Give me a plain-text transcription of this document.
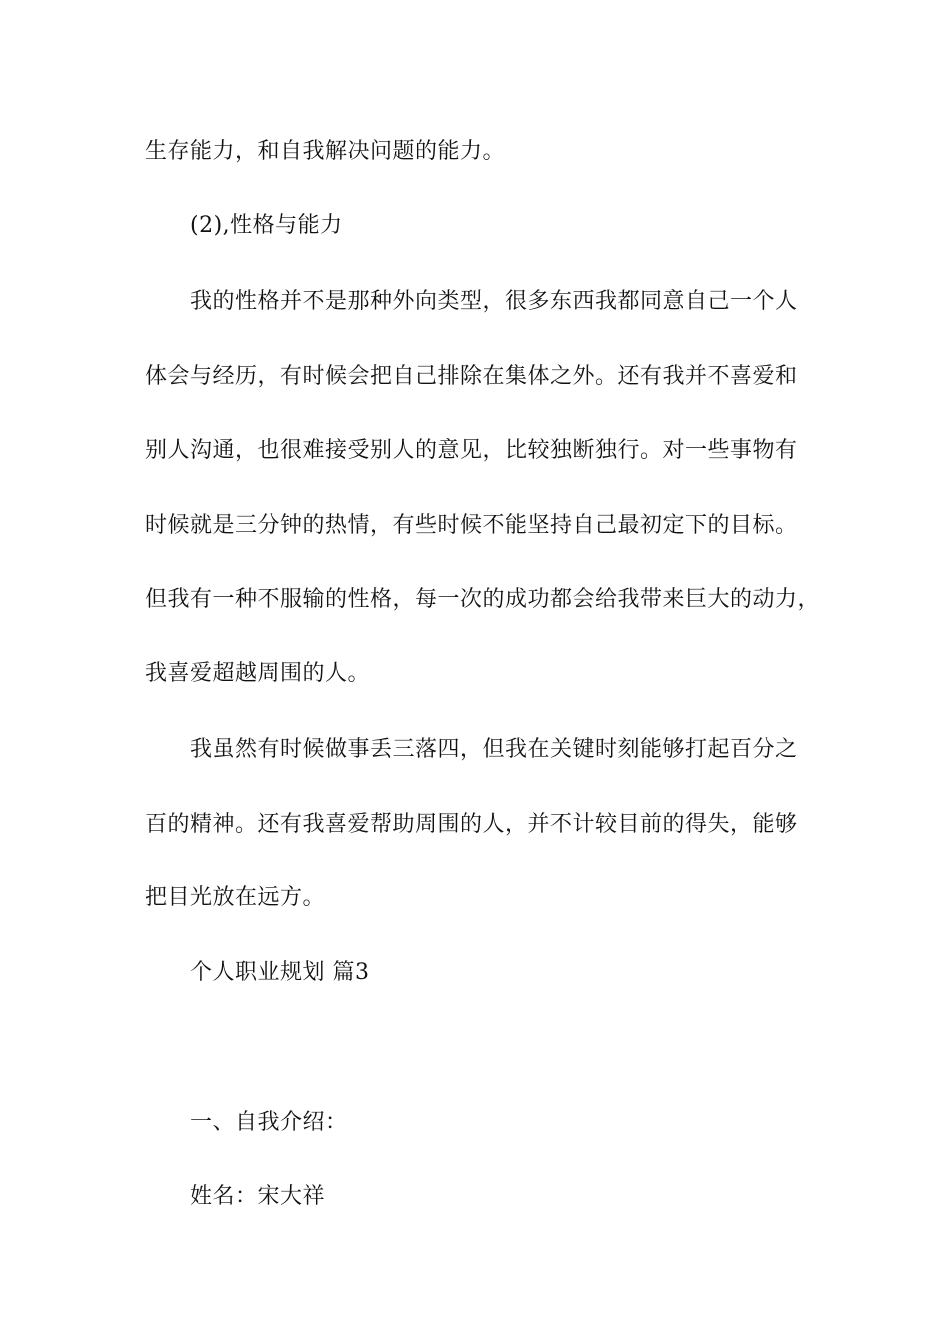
生存能力，和自我解决问题的能力。
(2),性格与能力
我的性格并不是那种外向类型，很多东西我都同意自己一个人
体会与经历，有时候会把自己排除在集体之外。还有我并不喜爱和
别人沟通，也很难接受别人的意见，比较独断独行。对一些事物有
时候就是三分钟的热情，有些时候不能坚持自己最初定下的目标。
但我有一种不服输的性格，每一次的成功都会给我带来巨大的动力，
我喜爱超越周围的人。
我虽然有时候做事丢三落四，但我在关键时刻能够打起百分之
百的精神。还有我喜爱帮助周围的人，并不计较目前的得失，能够
把目光放在远方。
个人职业规划 篇3
一、自我介绍：
姓名：宋大祥
